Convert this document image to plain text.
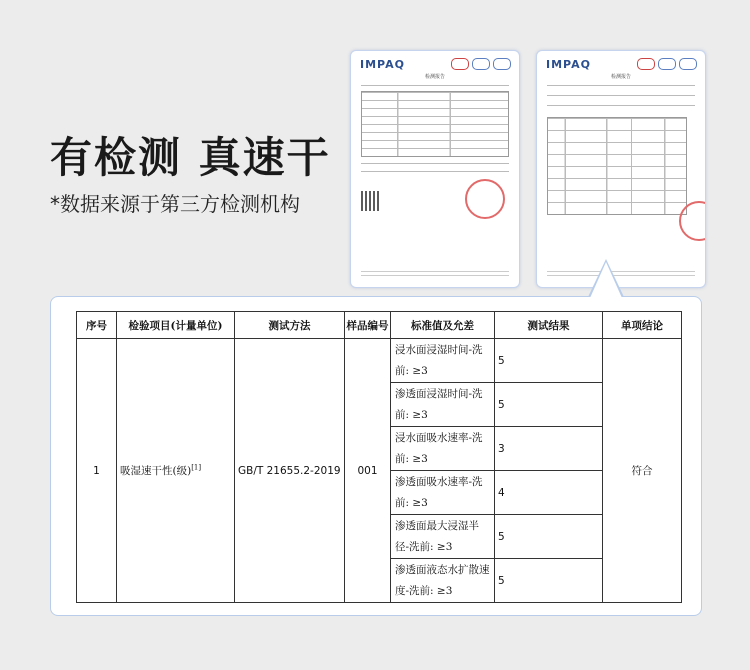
有检测 真速干
*数据来源于第三方检测机构
IMPAQ
检测报告
IMPAQ
检测报告
序号	检验项目(计量单位)	测试方法	样品编号	标准值及允差	测试结果	单项结论
1	吸湿速干性(级)[1]	GB/T 21655.2-2019	001	浸水面浸湿时间-洗前: ≥3	5	符合
				渗透面浸湿时间-洗前: ≥3	5	
				浸水面吸水速率-洗前: ≥3	3	
				渗透面吸水速率-洗前: ≥3	4	
				渗透面最大浸湿半径-洗前: ≥3	5	
				渗透面液态水扩散速度-洗前: ≥3	5	
